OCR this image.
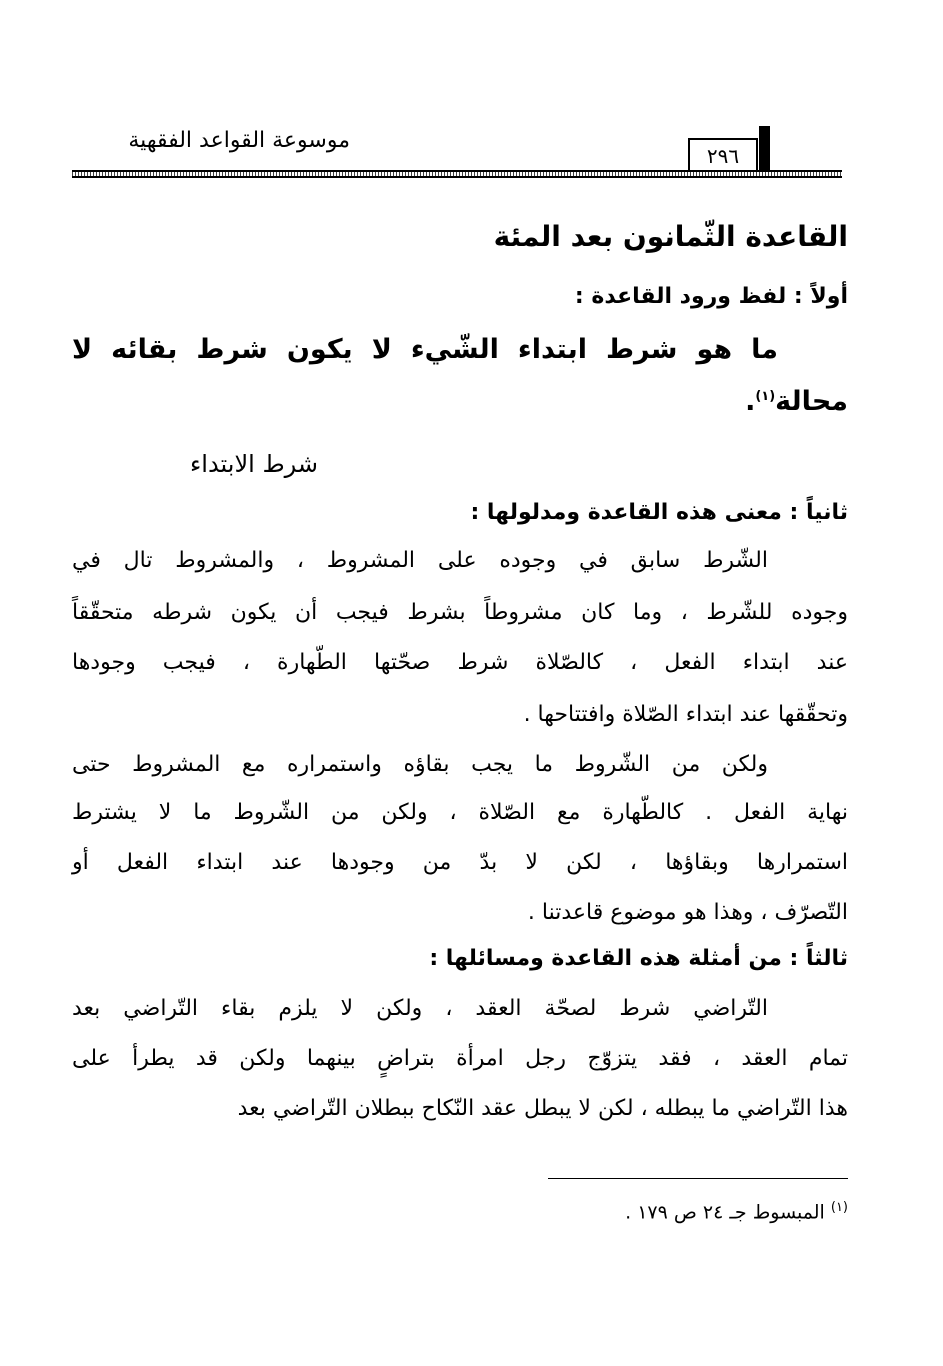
موسوعة القواعد الفقهية
٢٩٦
القاعدة الثّمانون بعد المئة
أولاً : لفظ ورود القاعدة :
ما هو شرط ابتداء الشّيء لا يكون شرط بقائه لا
محالة$^{(١)}$.
شرط الابتداء
ثانياً : معنى هذه القاعدة ومدلولها :
الشّرط سابق في وجوده على المشروط ، والمشروط تال في
وجوده للشّرط ، وما كان مشروطاً بشرط فيجب أن يكون شرطه متحقّقاً
عند ابتداء الفعل ، كالصّلاة شرط صحّتها الطّهارة ، فيجب وجودها
وتحقّقها عند ابتداء الصّلاة وافتتاحها .
ولكن من الشّروط ما يجب بقاؤه واستمراره مع المشروط حتى
نهاية الفعل . كالطّهارة مع الصّلاة ، ولكن من الشّروط ما لا يشترط
استمرارها وبقاؤها ، لكن لا بدّ من وجودها عند ابتداء الفعل أو
التّصرّف ، وهذا هو موضوع قاعدتنا .
ثالثاً : من أمثلة هذه القاعدة ومسائلها :
التّراضي شرط لصحّة العقد ، ولكن لا يلزم بقاء التّراضي بعد
تمام العقد ، فقد يتزوّج رجل امرأة بتراضٍ بينهما ولكن قد يطرأ على
هذا التّراضي ما يبطله ، لكن لا يبطل عقد النّكاح ببطلان التّراضي بعد
$^{(١)}$ المبسوط جـ ٢٤ ص ١٧٩ .
